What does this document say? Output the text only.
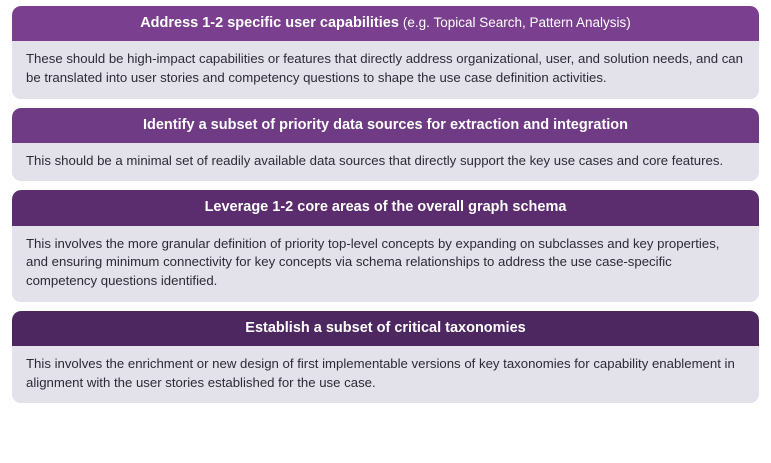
Address 1-2 specific user capabilities (e.g. Topical Search, Pattern Analysis)
These should be high-impact capabilities or features that directly address organizational, user, and solution needs, and can be translated into user stories and competency questions to shape the use case definition activities.
Identify a subset of priority data sources for extraction and integration
This should be a minimal set of readily available data sources that directly support the key use cases and core features.
Leverage 1-2 core areas of the overall graph schema
This involves the more granular definition of priority top-level concepts by expanding on subclasses and key properties, and ensuring minimum connectivity for key concepts via schema relationships to address the use case-specific competency questions identified.
Establish a subset of critical taxonomies
This involves the enrichment or new design of first implementable versions of key taxonomies for capability enablement in alignment with the user stories established for the use case.
